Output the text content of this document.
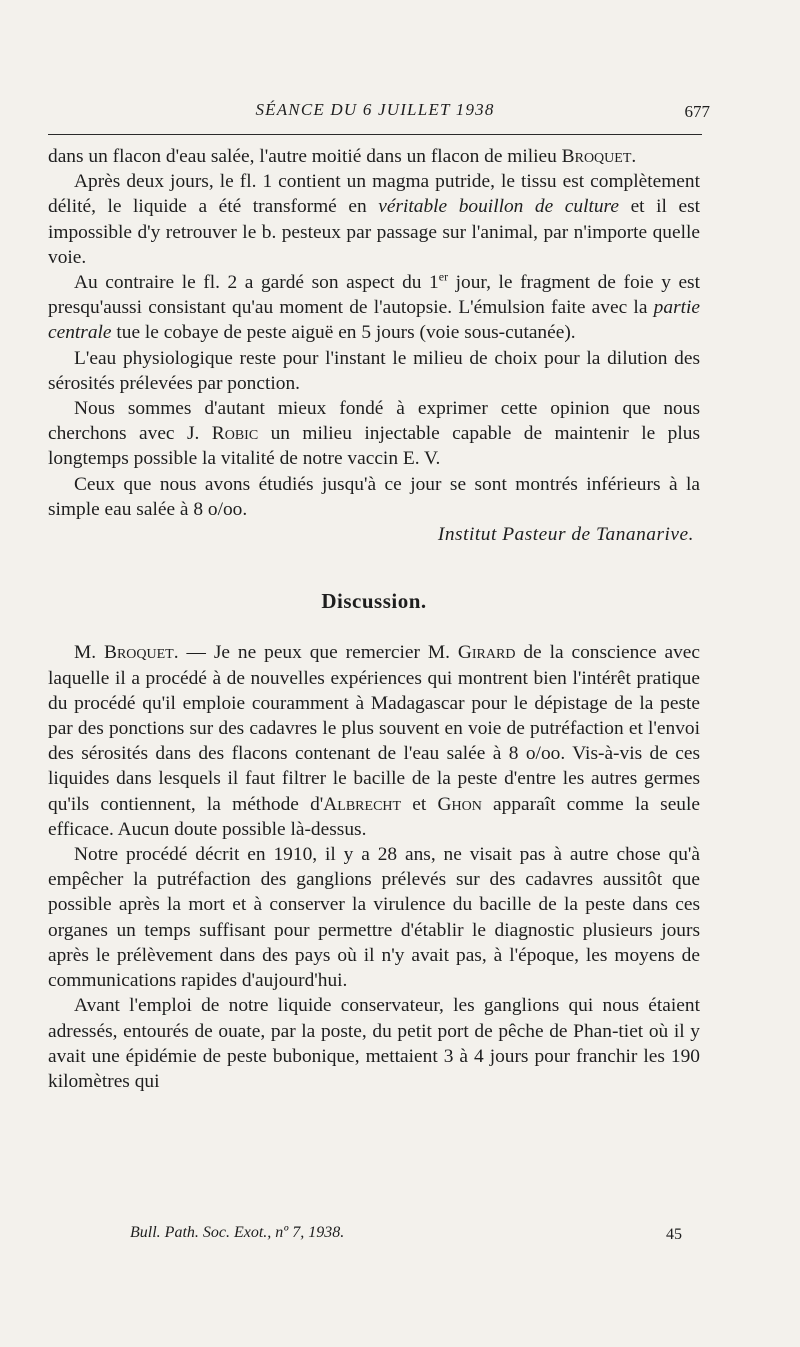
SÉANCE DU 6 JUILLET 1938	677

dans un flacon d'eau salée, l'autre moitié dans un flacon de milieu Broquet.

Après deux jours, le fl. 1 contient un magma putride, le tissu est complètement délité, le liquide a été transformé en véritable bouillon de culture et il est impossible d'y retrouver le b. pesteux par passage sur l'animal, par n'importe quelle voie.

Au contraire le fl. 2 a gardé son aspect du 1er jour, le fragment de foie y est presqu'aussi consistant qu'au moment de l'autopsie. L'émulsion faite avec la partie centrale tue le cobaye de peste aiguë en 5 jours (voie sous-cutanée).

L'eau physiologique reste pour l'instant le milieu de choix pour la dilution des sérosités prélevées par ponction.

Nous sommes d'autant mieux fondé à exprimer cette opinion que nous cherchons avec J. Robic un milieu injectable capable de maintenir le plus longtemps possible la vitalité de notre vaccin E. V.

Ceux que nous avons étudiés jusqu'à ce jour se sont montrés inférieurs à la simple eau salée à 8 o/oo.

Institut Pasteur de Tananarive.

Discussion.

M. Broquet. — Je ne peux que remercier M. Girard de la conscience avec laquelle il a procédé à de nouvelles expériences qui montrent bien l'intérêt pratique du procédé qu'il emploie couramment à Madagascar pour le dépistage de la peste par des ponctions sur des cadavres le plus souvent en voie de putréfaction et l'envoi des sérosités dans des flacons contenant de l'eau salée à 8 o/oo. Vis-à-vis de ces liquides dans lesquels il faut filtrer le bacille de la peste d'entre les autres germes qu'ils contiennent, la méthode d'Albrecht et Ghon apparaît comme la seule efficace. Aucun doute possible là-dessus.

Notre procédé décrit en 1910, il y a 28 ans, ne visait pas à autre chose qu'à empêcher la putréfaction des ganglions prélevés sur des cadavres aussitôt que possible après la mort et à conserver la virulence du bacille de la peste dans ces organes un temps suffisant pour permettre d'établir le diagnostic plusieurs jours après le prélèvement dans des pays où il n'y avait pas, à l'époque, les moyens de communications rapides d'aujourd'hui.

Avant l'emploi de notre liquide conservateur, les ganglions qui nous étaient adressés, entourés de ouate, par la poste, du petit port de pêche de Phan-tiet où il y avait une épidémie de peste bubonique, mettaient 3 à 4 jours pour franchir les 190 kilomètres qui

Bull. Path. Soc. Exot., nº 7, 1938.	45
